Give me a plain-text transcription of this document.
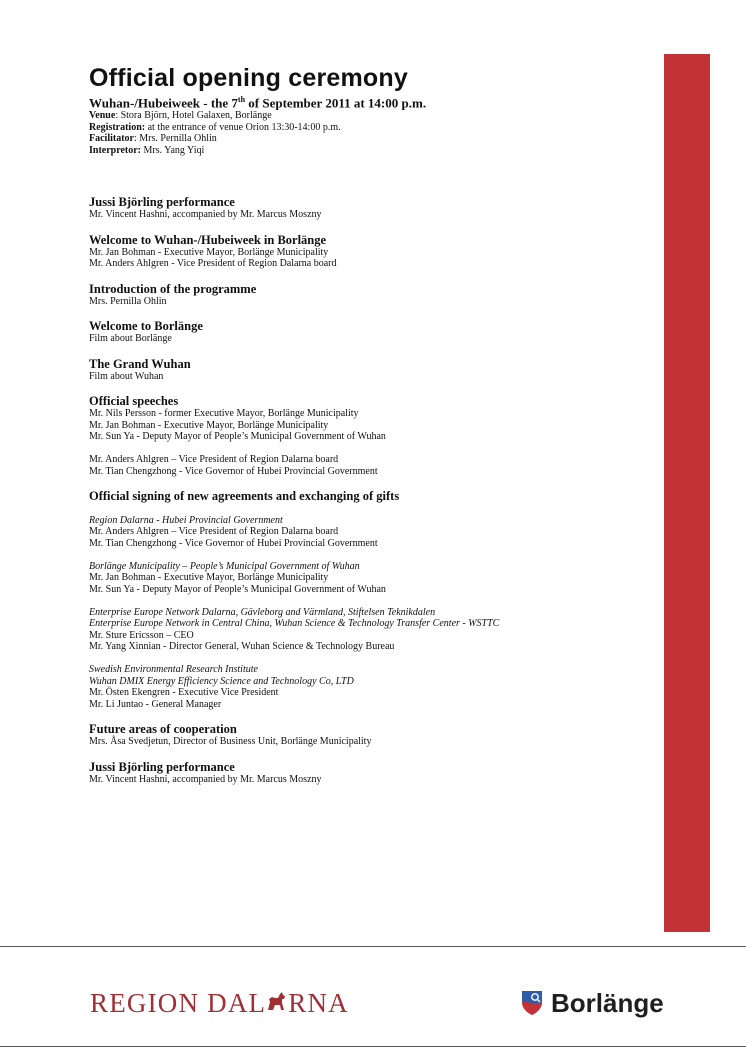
Official opening ceremony
Wuhan-/Hubeiweek - the 7th of September 2011 at 14:00 p.m.
Venue: Stora Björn, Hotel Galaxen, Borlänge
Registration: at the entrance of venue Orion 13:30-14:00 p.m.
Facilitator: Mrs. Pernilla Ohlin
Interpretor: Mrs. Yang Yiqi
Jussi Björling performance
Mr. Vincent Hashni, accompanied by Mr. Marcus Moszny
Welcome to Wuhan-/Hubeiweek in Borlänge
Mr. Jan Bohman - Executive Mayor, Borlänge Municipality
Mr. Anders Ahlgren - Vice President of Region Dalarna board
Introduction of the programme
Mrs. Pernilla Ohlin
Welcome to Borlänge
Film about Borlänge
The Grand Wuhan
Film about Wuhan
Official speeches
Mr. Nils Persson - former Executive Mayor, Borlänge Municipality
Mr. Jan Bohman - Executive Mayor, Borlänge Municipality
Mr. Sun Ya - Deputy Mayor of People’s Municipal Government of Wuhan

Mr. Anders Ahlgren – Vice President of Region Dalarna board
Mr. Tian Chengzhong - Vice Governor of Hubei Provincial Government
Official signing of new agreements and exchanging of gifts
Region Dalarna - Hubei Provincial Government
Mr. Anders Ahlgren – Vice President of Region Dalarna board
Mr. Tian Chengzhong - Vice Governor of Hubei Provincial Government
Borlänge Municipality – People’s Municipal Government of Wuhan
Mr. Jan Bohman - Executive Mayor, Borlänge Municipality
Mr. Sun Ya - Deputy Mayor of People’s Municipal Government of Wuhan
Enterprise Europe Network Dalarna, Gävleborg and Värmland, Stiftelsen Teknikdalen
Enterprise Europe Network in Central China, Wuhan Science & Technology Transfer Center - WSTTC
Mr. Sture Ericsson – CEO
Mr. Yang Xinnian - Director General, Wuhan Science & Technology Bureau
Swedish Environmental Research Institute
Wuhan DMIX Energy Efficiency Science and Technology Co, LTD
Mr. Östen Ekengren - Executive Vice President
Mr. Li Juntao - General Manager
Future areas of cooperation
Mrs. Åsa Svedjetun, Director of Business Unit, Borlänge Municipality
Jussi Björling performance
Mr. Vincent Hashni, accompanied by Mr. Marcus Moszny
REGION DAL RNA	Borlänge
